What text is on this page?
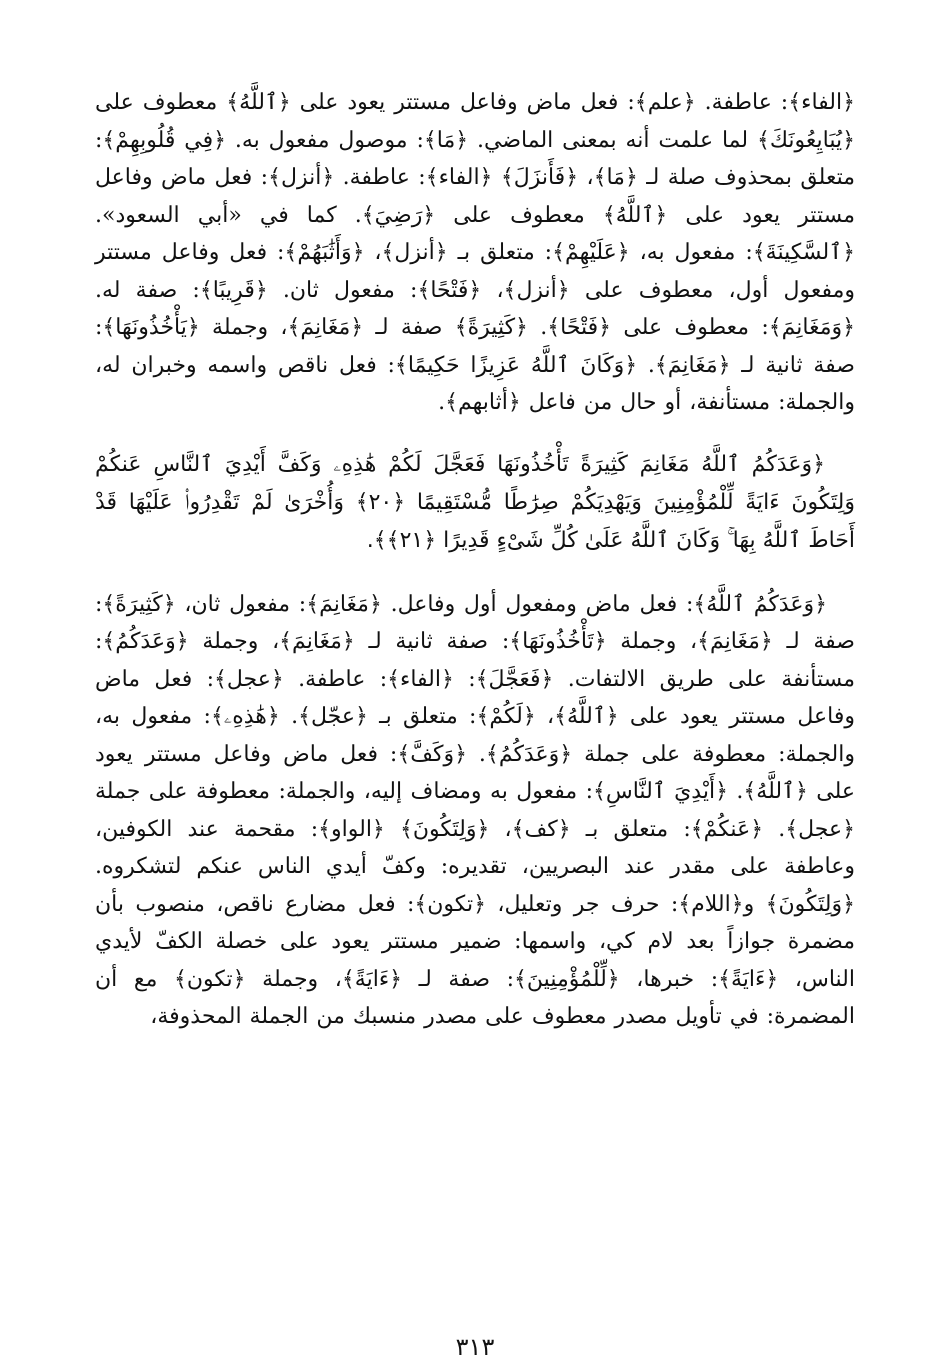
﴿الفاء﴾: عاطفة. ﴿علم﴾: فعل ماض وفاعل مستتر يعود على ﴿ٱللَّهُ﴾ معطوف على ﴿يُبَايِعُونَكَ﴾ لما علمت أنه بمعنى الماضي. ﴿مَا﴾: موصول مفعول به. ﴿فِي قُلُوبِهِمْ﴾: متعلق بمحذوف صلة لـ ﴿مَا﴾، ﴿فَأَنزَلَ﴾ ﴿الفاء﴾: عاطفة. ﴿أنزل﴾: فعل ماض وفاعل مستتر يعود على ﴿ٱللَّهُ﴾ معطوف على ﴿رَضِيَ﴾. كما في «أبي السعود». ﴿ٱلسَّكِينَةَ﴾: مفعول به، ﴿عَلَيْهِمْ﴾: متعلق بـ ﴿أنزل﴾، ﴿وَأَثَٰبَهُمْ﴾: فعل وفاعل مستتر ومفعول أول، معطوف على ﴿أنزل﴾، ﴿فَتْحًا﴾: مفعول ثان. ﴿قَرِيبًا﴾: صفة له. ﴿وَمَغَانِمَ﴾: معطوف على ﴿فَتْحًا﴾. ﴿كَثِيرَةً﴾ صفة لـ ﴿مَغَانِمَ﴾، وجملة ﴿يَأْخُذُونَهَا﴾: صفة ثانية لـ ﴿مَغَانِمَ﴾. ﴿وَكَانَ ٱللَّهُ عَزِيزًا حَكِيمًا﴾: فعل ناقص واسمه وخبران له، والجملة: مستأنفة، أو حال من فاعل ﴿أثابهم﴾.

﴿وَعَدَكُمُ ٱللَّهُ مَغَانِمَ كَثِيرَةً تَأْخُذُونَهَا فَعَجَّلَ لَكُمْ هَٰذِهِۦ وَكَفَّ أَيْدِيَ ٱلنَّاسِ عَنكُمْ وَلِتَكُونَ ءَايَةً لِّلْمُؤْمِنِينَ وَيَهْدِيَكُمْ صِرَٰطًا مُّسْتَقِيمًا ﴿٢٠﴾ وَأُخْرَىٰ لَمْ تَقْدِرُوا۟ عَلَيْهَا قَدْ أَحَاطَ ٱللَّهُ بِهَا ۚ وَكَانَ ٱللَّهُ عَلَىٰ كُلِّ شَىْءٍ قَدِيرًا ﴿٢١﴾﴾.

﴿وَعَدَكُمُ ٱللَّهُ﴾: فعل ماض ومفعول أول وفاعل. ﴿مَغَانِمَ﴾: مفعول ثان، ﴿كَثِيرَةً﴾: صفة لـ ﴿مَغَانِمَ﴾، وجملة ﴿تَأْخُذُونَهَا﴾: صفة ثانية لـ ﴿مَغَانِمَ﴾، وجملة ﴿وَعَدَكُمُ﴾: مستأنفة على طريق الالتفات. ﴿فَعَجَّلَ﴾: ﴿الفاء﴾: عاطفة. ﴿عجل﴾: فعل ماض وفاعل مستتر يعود على ﴿ٱللَّهُ﴾، ﴿لَكُمْ﴾: متعلق بـ ﴿عجّل﴾. ﴿هَٰذِهِۦ﴾: مفعول به، والجملة: معطوفة على جملة ﴿وَعَدَكُمُ﴾. ﴿وَكَفَّ﴾: فعل ماض وفاعل مستتر يعود على ﴿ٱللَّهُ﴾. ﴿أَيْدِيَ ٱلنَّاسِ﴾: مفعول به ومضاف إليه، والجملة: معطوفة على جملة ﴿عجل﴾. ﴿عَنكُمْ﴾: متعلق بـ ﴿كف﴾، ﴿وَلِتَكُونَ﴾ ﴿الواو﴾: مقحمة عند الكوفين، وعاطفة على مقدر عند البصريين، تقديره: وكفّ أيدي الناس عنكم لتشكروه. ﴿وَلِتَكُونَ﴾ و﴿اللام﴾: حرف جر وتعليل، ﴿تكون﴾: فعل مضارع ناقص، منصوب بأن مضمرة جوازاً بعد لام كي، واسمها: ضمير مستتر يعود على خصلة الكفّ لأيدي الناس، ﴿ءَايَةً﴾: خبرها، ﴿لِّلْمُؤْمِنِينَ﴾: صفة لـ ﴿ءَايَةً﴾، وجملة ﴿تكون﴾ مع أن المضمرة: في تأويل مصدر معطوف على مصدر منسبك من الجملة المحذوفة،

٣١٣
